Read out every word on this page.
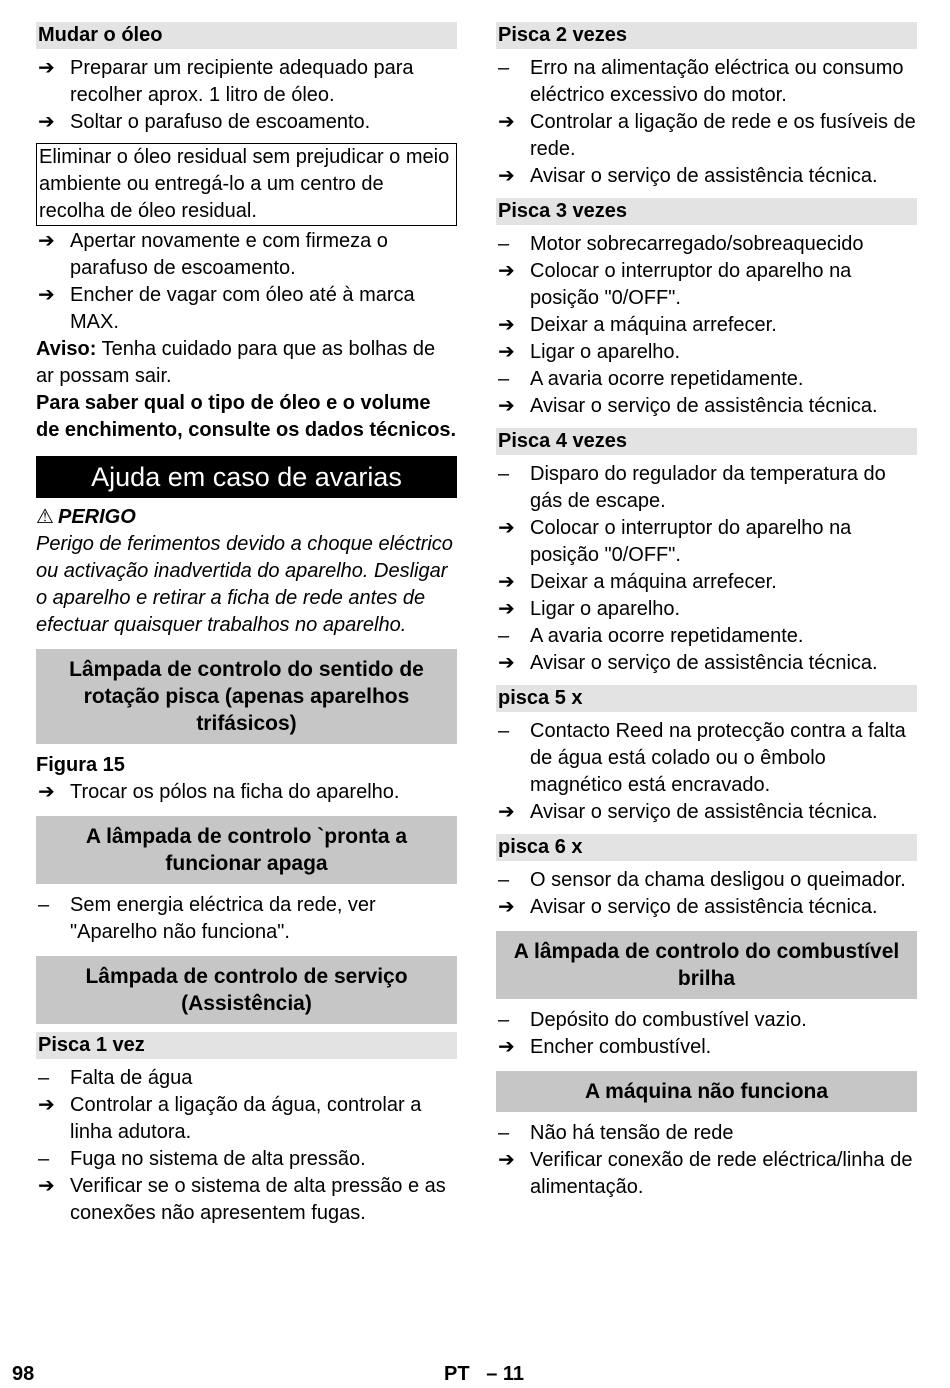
Mudar o óleo
➔ Preparar um recipiente adequado para recolher aprox. 1 litro de óleo.
➔ Soltar o parafuso de escoamento.
Eliminar o óleo residual sem prejudicar o meio ambiente ou entregá-lo a um centro de recolha de óleo residual.
➔ Apertar novamente e com firmeza o parafuso de escoamento.
➔ Encher de vagar com óleo até à marca MAX.
Aviso: Tenha cuidado para que as bolhas de ar possam sair.
Para saber qual o tipo de óleo e o volume de enchimento, consulte os dados técnicos.
Ajuda em caso de avarias
⚠ PERIGO
Perigo de ferimentos devido a choque eléctrico ou activação inadvertida do aparelho. Desligar o aparelho e retirar a ficha de rede antes de efectuar quaisquer trabalhos no aparelho.
Lâmpada de controlo do sentido de rotação pisca (apenas aparelhos trifásicos)
Figura 15
➔ Trocar os pólos na ficha do aparelho.
A lâmpada de controlo `pronta a funcionar apaga
–	Sem energia eléctrica da rede, ver "Aparelho não funciona".
Lâmpada de controlo de serviço (Assistência)
Pisca 1 vez
–	Falta de água
➔ Controlar a ligação da água, controlar a linha adutora.
–	Fuga no sistema de alta pressão.
➔ Verificar se o sistema de alta pressão e as conexões não apresentem fugas.
Pisca 2 vezes
–	Erro na alimentação eléctrica ou consumo eléctrico excessivo do motor.
➔ Controlar a ligação de rede e os fusíveis de rede.
➔ Avisar o serviço de assistência técnica.
Pisca 3 vezes
–	Motor sobrecarregado/sobreaquecido
➔ Colocar o interruptor do aparelho na posição "0/OFF".
➔ Deixar a máquina arrefecer.
➔ Ligar o aparelho.
–	A avaria ocorre repetidamente.
➔ Avisar o serviço de assistência técnica.
Pisca 4 vezes
–	Disparo do regulador da temperatura do gás de escape.
➔ Colocar o interruptor do aparelho na posição "0/OFF".
➔ Deixar a máquina arrefecer.
➔ Ligar o aparelho.
–	A avaria ocorre repetidamente.
➔ Avisar o serviço de assistência técnica.
pisca 5 x
–	Contacto Reed na protecção contra a falta de água está colado ou o êmbolo magnético está encravado.
➔ Avisar o serviço de assistência técnica.
pisca 6 x
–	O sensor da chama desligou o queimador.
➔ Avisar o serviço de assistência técnica.
A lâmpada de controlo do combustível brilha
–	Depósito do combustível vazio.
➔ Encher combustível.
A máquina não funciona
–	Não há tensão de rede
➔ Verificar conexão de rede eléctrica/linha de alimentação.
98	PT   – 11
